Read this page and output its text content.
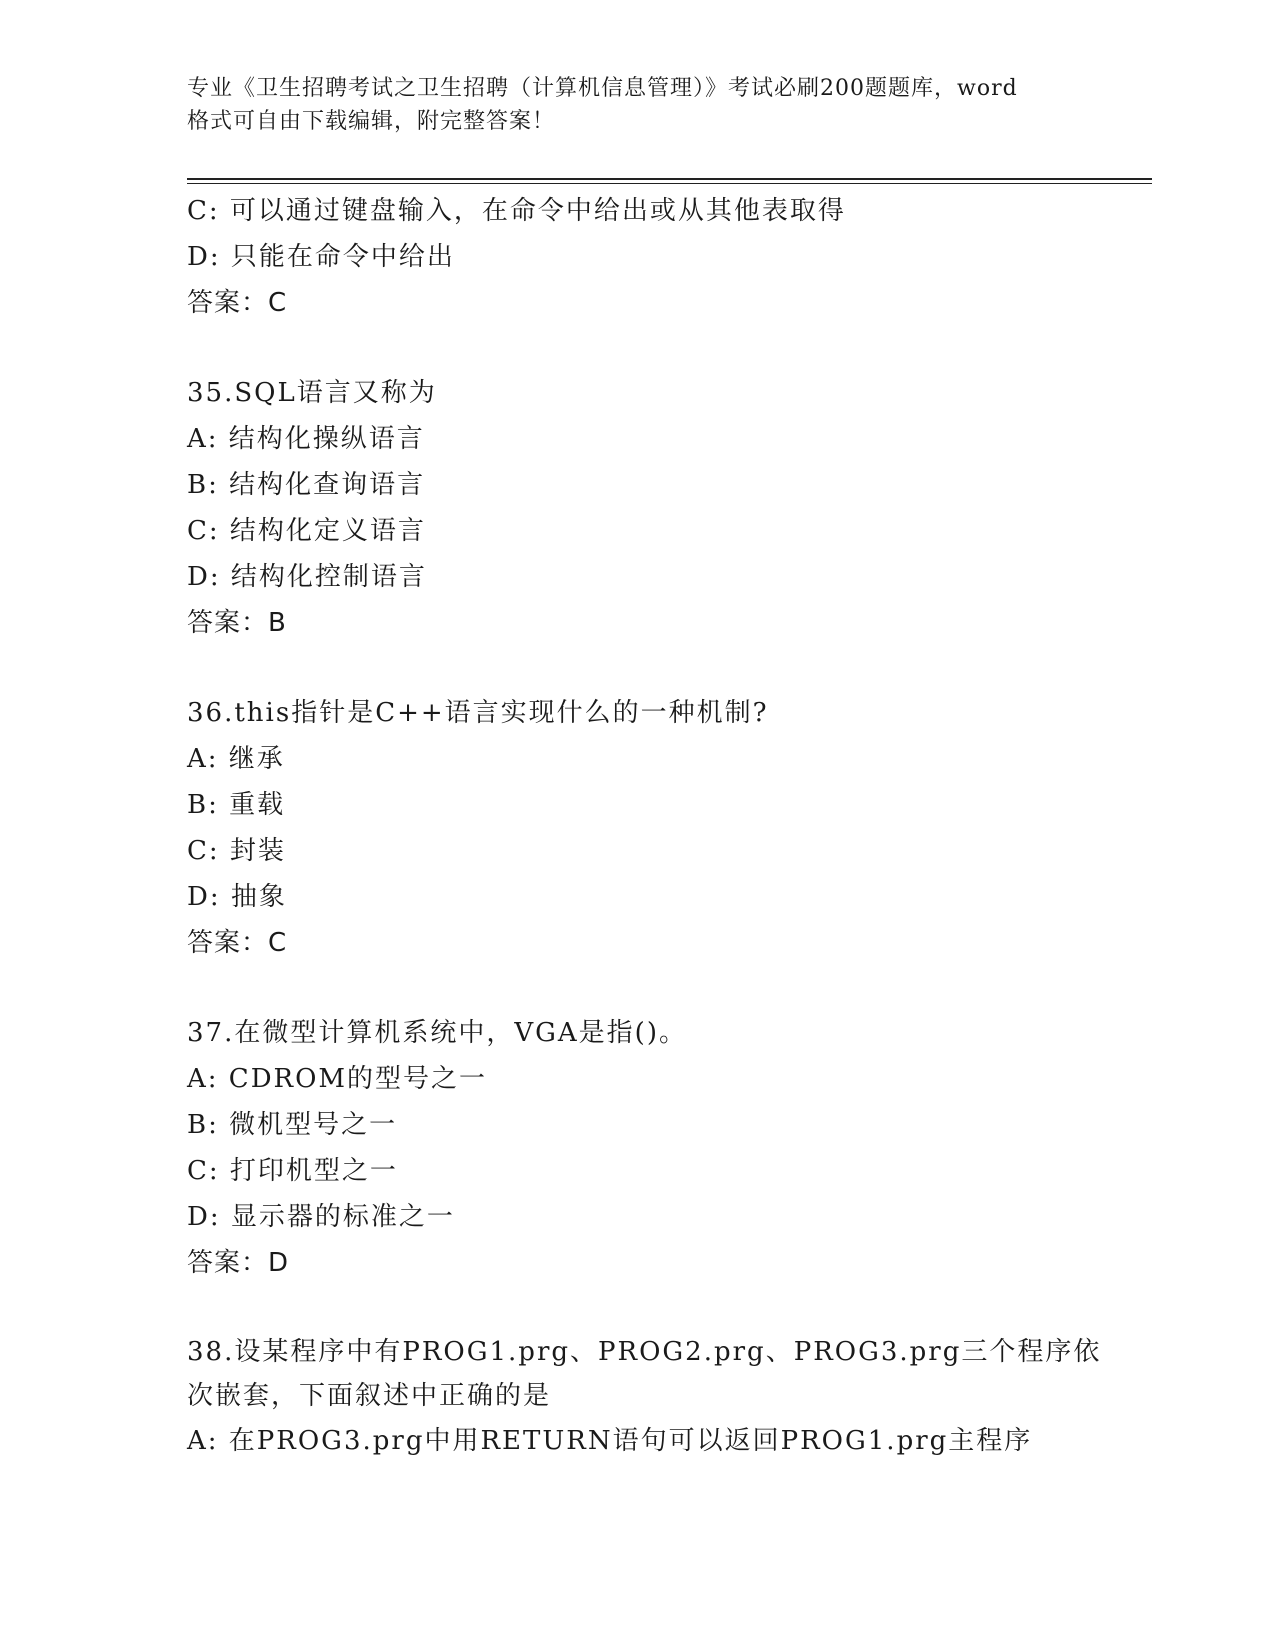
专业《卫生招聘考试之卫生招聘（计算机信息管理）》考试必刷200题题库，word
格式可自由下载编辑，附完整答案！
C: 可以通过键盘输入，在命令中给出或从其他表取得
D: 只能在命令中给出
答案：C
35.SQL语言又称为
A: 结构化操纵语言
B: 结构化查询语言
C: 结构化定义语言
D: 结构化控制语言
答案：B
36.this指针是C++语言实现什么的一种机制?
A: 继承
B: 重载
C: 封装
D: 抽象
答案：C
37.在微型计算机系统中，VGA是指()。
A: CDROM的型号之一
B: 微机型号之一
C: 打印机型之一
D: 显示器的标准之一
答案：D
38.设某程序中有PROG1.prg、PROG2.prg、PROG3.prg三个程序依次嵌套，下面叙述中正确的是
A: 在PROG3.prg中用RETURN语句可以返回PROG1.prg主程序
